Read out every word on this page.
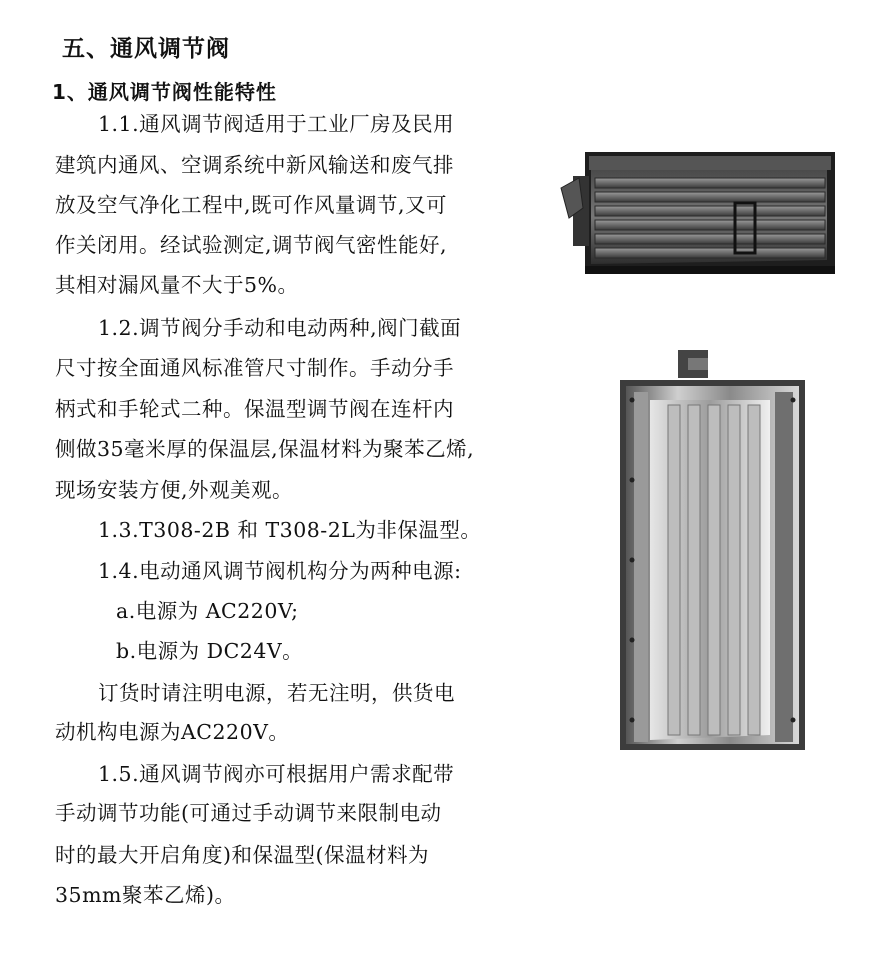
五、通风调节阀
1、通风调节阀性能特性
1.1.通风调节阀适用于工业厂房及民用
建筑内通风、空调系统中新风输送和废气排
放及空气净化工程中,既可作风量调节,又可
作关闭用。经试验测定,调节阀气密性能好,
其相对漏风量不大于5%。
1.2.调节阀分手动和电动两种,阀门截面
尺寸按全面通风标准管尺寸制作。手动分手
柄式和手轮式二种。保温型调节阀在连杆内
侧做35毫米厚的保温层,保温材料为聚苯乙烯,
现场安装方便,外观美观。
1.3.T308-2B 和 T308-2L为非保温型。
1.4.电动通风调节阀机构分为两种电源:
a.电源为 AC220V;
b.电源为 DC24V。
订货时请注明电源，若无注明，供货电
动机构电源为AC220V。
1.5.通风调节阀亦可根据用户需求配带
手动调节功能(可通过手动调节来限制电动
时的最大开启角度)和保温型(保温材料为
35mm聚苯乙烯)。
